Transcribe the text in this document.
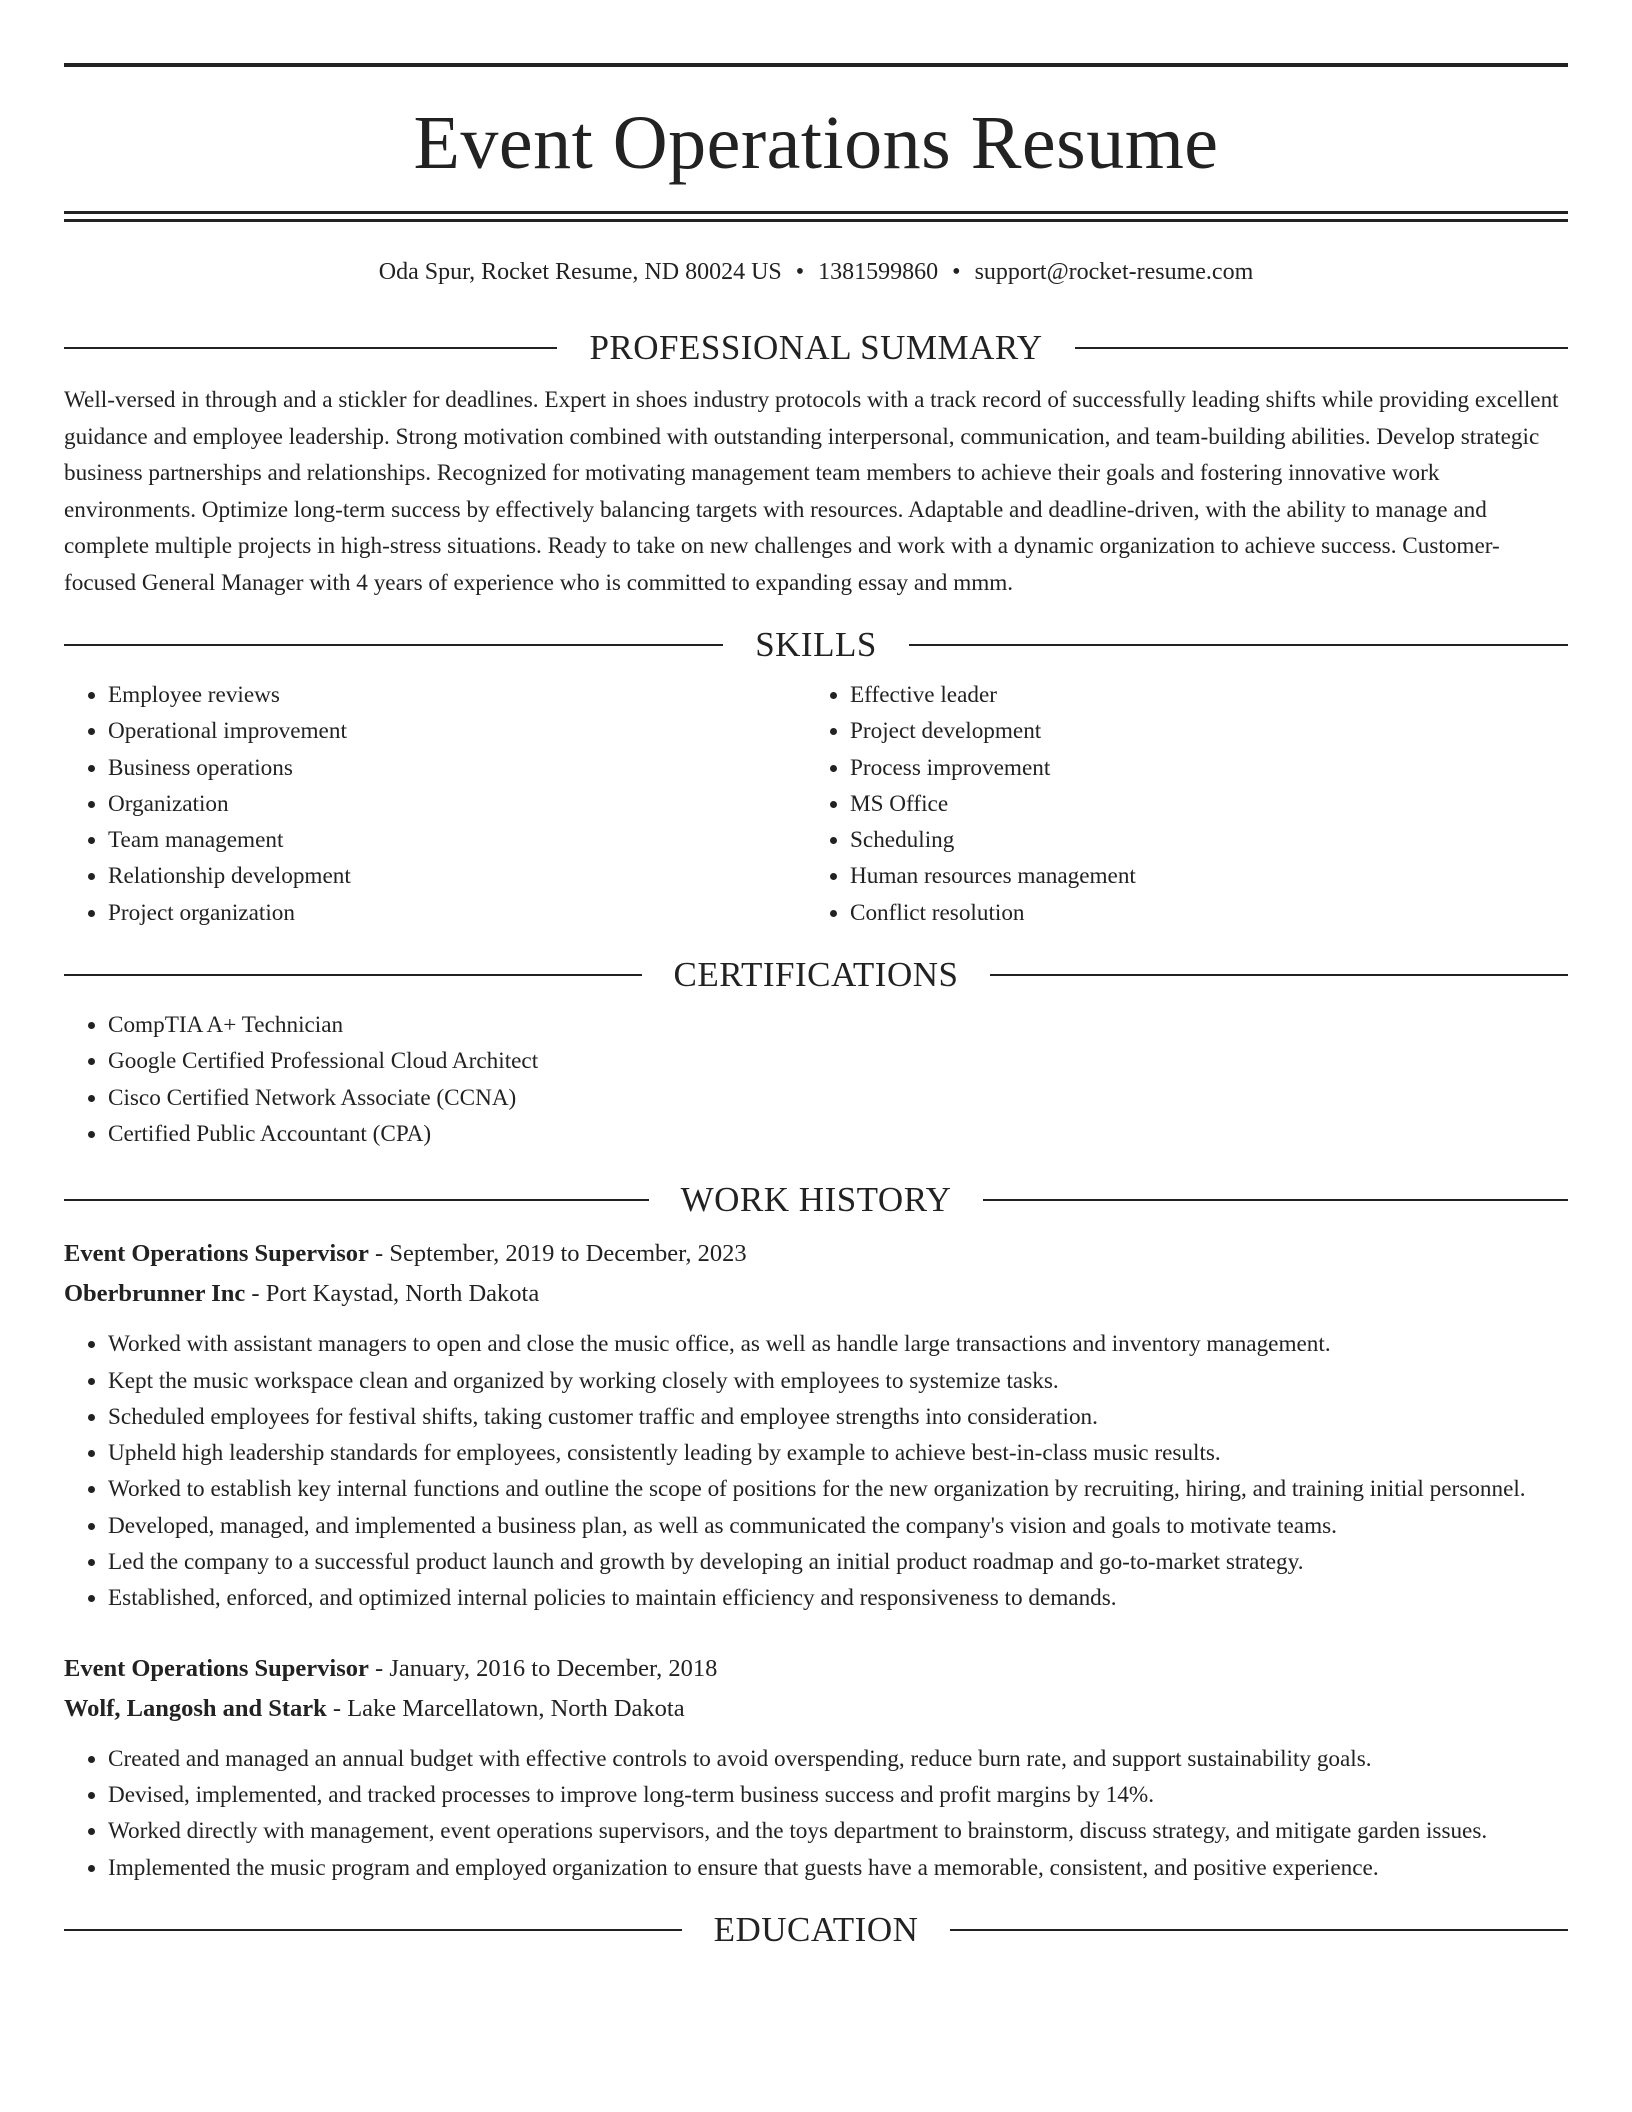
Event Operations Resume
Oda Spur, Rocket Resume, ND 80024 US • 1381599860 • support@rocket-resume.com
PROFESSIONAL SUMMARY
Well-versed in through and a stickler for deadlines. Expert in shoes industry protocols with a track record of successfully leading shifts while providing excellent guidance and employee leadership. Strong motivation combined with outstanding interpersonal, communication, and team-building abilities. Develop strategic business partnerships and relationships. Recognized for motivating management team members to achieve their goals and fostering innovative work environments. Optimize long-term success by effectively balancing targets with resources. Adaptable and deadline-driven, with the ability to manage and complete multiple projects in high-stress situations. Ready to take on new challenges and work with a dynamic organization to achieve success. Customer-focused General Manager with 4 years of experience who is committed to expanding essay and mmm.
SKILLS
• Employee reviews
• Operational improvement
• Business operations
• Organization
• Team management
• Relationship development
• Project organization
• Effective leader
• Project development
• Process improvement
• MS Office
• Scheduling
• Human resources management
• Conflict resolution
CERTIFICATIONS
• CompTIA A+ Technician
• Google Certified Professional Cloud Architect
• Cisco Certified Network Associate (CCNA)
• Certified Public Accountant (CPA)
WORK HISTORY
Event Operations Supervisor - September, 2019 to December, 2023
Oberbrunner Inc - Port Kaystad, North Dakota
• Worked with assistant managers to open and close the music office, as well as handle large transactions and inventory management.
• Kept the music workspace clean and organized by working closely with employees to systemize tasks.
• Scheduled employees for festival shifts, taking customer traffic and employee strengths into consideration.
• Upheld high leadership standards for employees, consistently leading by example to achieve best-in-class music results.
• Worked to establish key internal functions and outline the scope of positions for the new organization by recruiting, hiring, and training initial personnel.
• Developed, managed, and implemented a business plan, as well as communicated the company's vision and goals to motivate teams.
• Led the company to a successful product launch and growth by developing an initial product roadmap and go-to-market strategy.
• Established, enforced, and optimized internal policies to maintain efficiency and responsiveness to demands.
Event Operations Supervisor - January, 2016 to December, 2018
Wolf, Langosh and Stark - Lake Marcellatown, North Dakota
• Created and managed an annual budget with effective controls to avoid overspending, reduce burn rate, and support sustainability goals.
• Devised, implemented, and tracked processes to improve long-term business success and profit margins by 14%.
• Worked directly with management, event operations supervisors, and the toys department to brainstorm, discuss strategy, and mitigate garden issues.
• Implemented the music program and employed organization to ensure that guests have a memorable, consistent, and positive experience.
EDUCATION
